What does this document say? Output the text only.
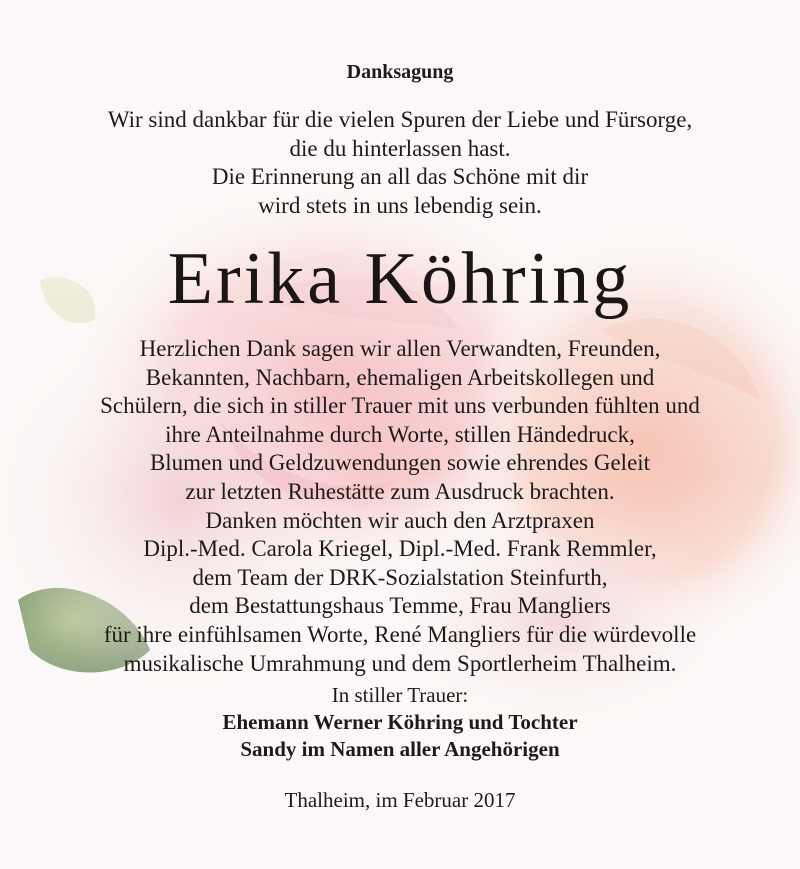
Danksagung
Wir sind dankbar für die vielen Spuren der Liebe und Fürsorge,
die du hinterlassen hast.
Die Erinnerung an all das Schöne mit dir
wird stets in uns lebendig sein.
Erika Köhring
Herzlichen Dank sagen wir allen Verwandten, Freunden,
Bekannten, Nachbarn, ehemaligen Arbeitskollegen und
Schülern, die sich in stiller Trauer mit uns verbunden fühlten und
ihre Anteilnahme durch Worte, stillen Händedruck,
Blumen und Geldzuwendungen sowie ehrendes Geleit
zur letzten Ruhestätte zum Ausdruck brachten.
Danken möchten wir auch den Arztpraxen
Dipl.-Med. Carola Kriegel, Dipl.-Med. Frank Remmler,
dem Team der DRK-Sozialstation Steinfurth,
dem Bestattungshaus Temme, Frau Mangliers
für ihre einfühlsamen Worte, René Mangliers für die würdevolle
musikalische Umrahmung und dem Sportlerheim Thalheim.
In stiller Trauer:
Ehemann Werner Köhring und Tochter
Sandy im Namen aller Angehörigen
Thalheim, im Februar 2017
